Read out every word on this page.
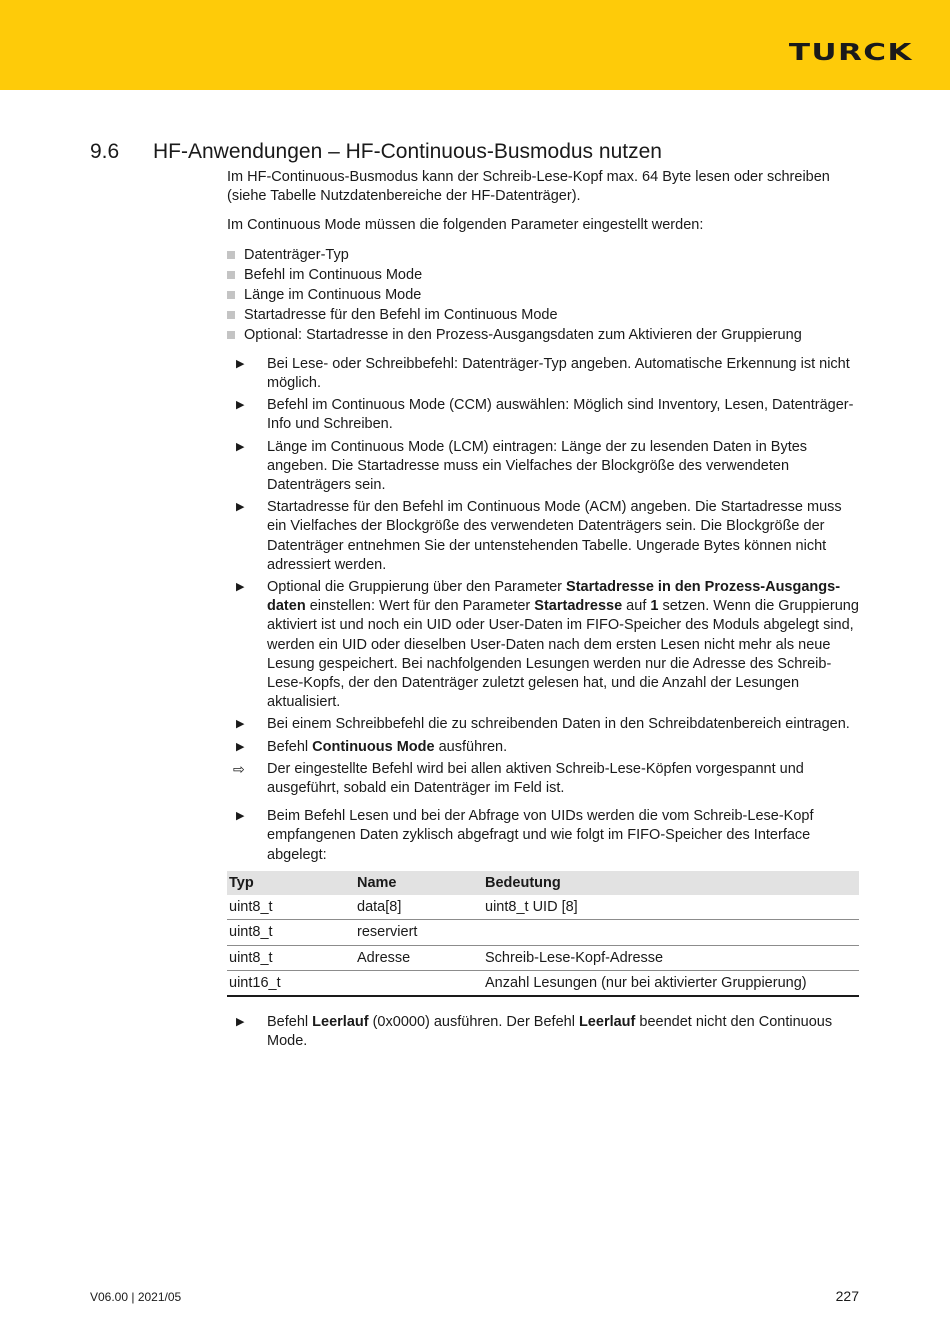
TURCK
9.6 HF-Anwendungen – HF-Continuous-Busmodus nutzen

Im HF-Continuous-Busmodus kann der Schreib-Lese-Kopf max. 64 Byte lesen oder schreiben (siehe Tabelle Nutzdatenbereiche der HF-Datenträger).

Im Continuous Mode müssen die folgenden Parameter eingestellt werden:

Datenträger-Typ
Befehl im Continuous Mode
Länge im Continuous Mode
Startadresse für den Befehl im Continuous Mode
Optional: Startadresse in den Prozess-Ausgangsdaten zum Aktivieren der Gruppierung
▶ Bei Lese- oder Schreibbefehl: Datenträger-Typ angeben. Automatische Erkennung ist nicht möglich.
▶ Befehl im Continuous Mode (CCM) auswählen: Möglich sind Inventory, Lesen, Datenträger-Info und Schreiben.
▶ Länge im Continuous Mode (LCM) eintragen: Länge der zu lesenden Daten in Bytes angeben. Die Startadresse muss ein Vielfaches der Blockgröße des verwendeten Datenträgers sein.
▶ Startadresse für den Befehl im Continuous Mode (ACM) angeben. Die Startadresse muss ein Vielfaches der Blockgröße des verwendeten Datenträgers sein. Die Blockgröße der Datenträger entnehmen Sie der untenstehenden Tabelle. Ungerade Bytes können nicht adressiert werden.
▶ Optional die Gruppierung über den Parameter Startadresse in den Prozess-Ausgangsdaten einstellen: Wert für den Parameter Startadresse auf 1 setzen. Wenn die Gruppierung aktiviert ist und noch ein UID oder User-Daten im FIFO-Speicher des Moduls abgelegt sind, werden ein UID oder dieselben User-Daten nach dem ersten Lesen nicht mehr als neue Lesung gespeichert. Bei nachfolgenden Lesungen werden nur die Adresse des Schreib-Lese-Kopfs, der den Datenträger zuletzt gelesen hat, und die Anzahl der Lesungen aktualisiert.
▶ Bei einem Schreibbefehl die zu schreibenden Daten in den Schreibdatenbereich eintragen.
▶ Befehl Continuous Mode ausführen.
⇨ Der eingestellte Befehl wird bei allen aktiven Schreib-Lese-Köpfen vorgespannt und ausgeführt, sobald ein Datenträger im Feld ist.
▶ Beim Befehl Lesen und bei der Abfrage von UIDs werden die vom Schreib-Lese-Kopf empfangenen Daten zyklisch abgefragt und wie folgt im FIFO-Speicher des Interface abgelegt:
Typ	Name	Bedeutung
uint8_t	data[8]	uint8_t UID [8]
uint8_t	reserviert	
uint8_t	Adresse	Schreib-Lese-Kopf-Adresse
uint16_t		Anzahl Lesungen (nur bei aktivierter Gruppierung)
▶ Befehl Leerlauf (0x0000) ausführen. Der Befehl Leerlauf beendet nicht den Continuous Mode.
V06.00 | 2021/05	227
